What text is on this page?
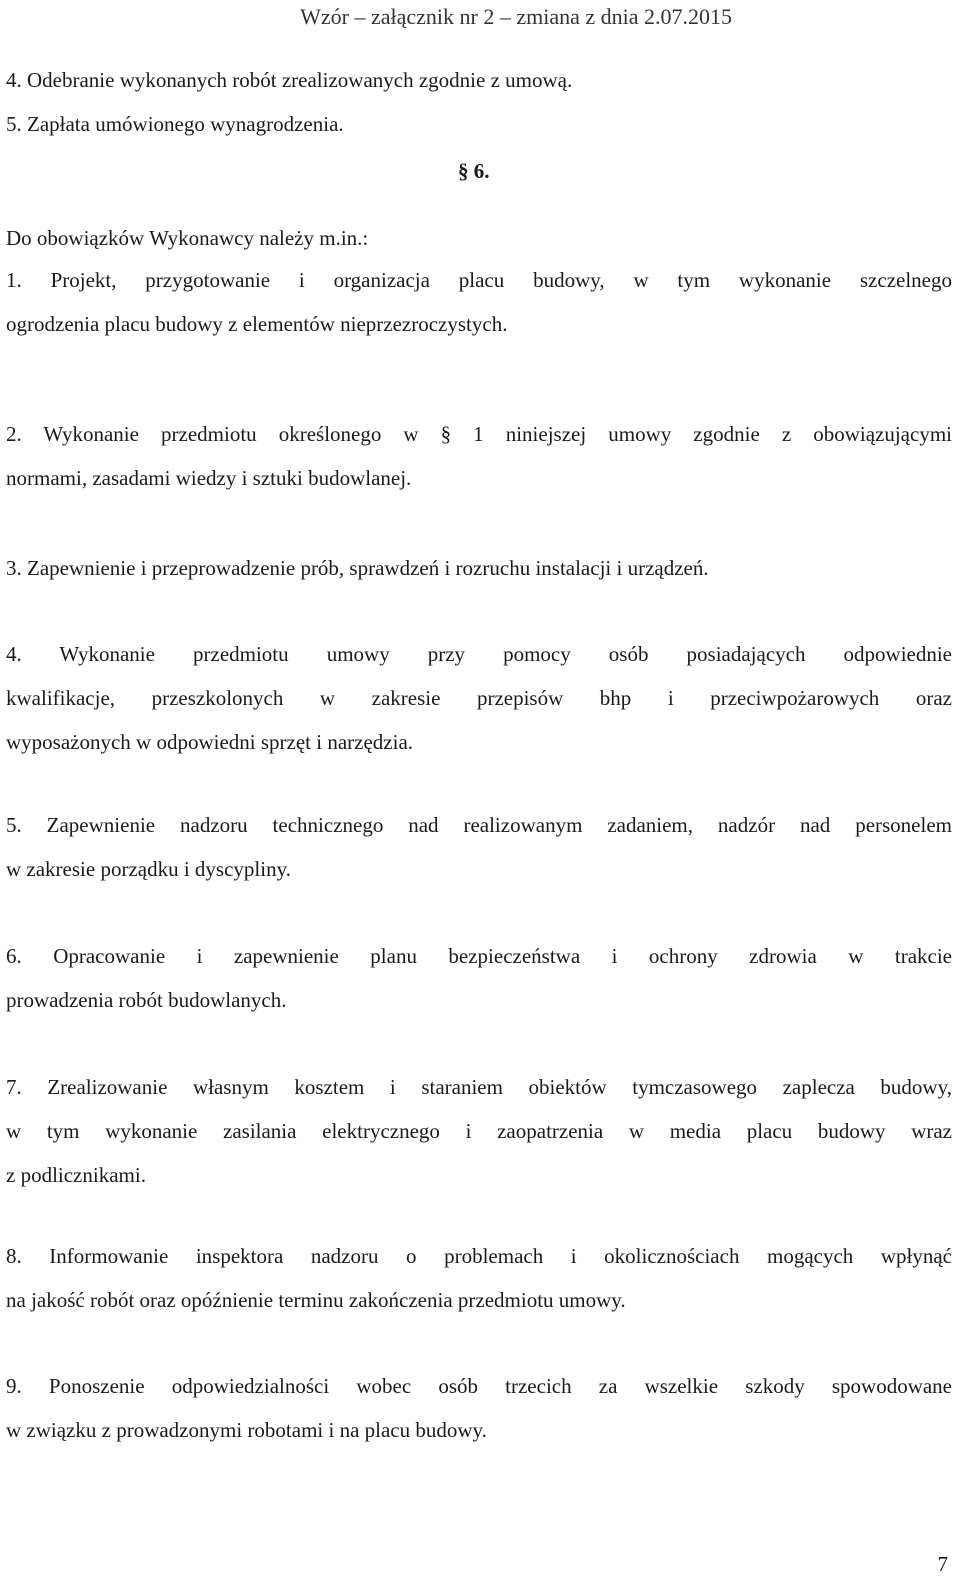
Wzór – załącznik nr 2 – zmiana z dnia 2.07.2015
4. Odebranie wykonanych robót zrealizowanych zgodnie z umową.
5. Zapłata umówionego wynagrodzenia.
§ 6.
Do obowiązków Wykonawcy należy m.in.:

1. Projekt, przygotowanie i organizacja placu budowy, w tym wykonanie szczelnego

ogrodzenia placu budowy z elementów nieprzezroczystych.

2. Wykonanie przedmiotu określonego w § 1 niniejszej umowy zgodnie z obowiązującymi

normami, zasadami wiedzy i sztuki budowlanej.

3. Zapewnienie i przeprowadzenie prób, sprawdzeń i rozruchu instalacji i urządzeń.

4. Wykonanie przedmiotu umowy przy pomocy osób posiadających odpowiednie

kwalifikacje, przeszkolonych w zakresie przepisów bhp i przeciwpożarowych oraz

wyposażonych w odpowiedni sprzęt i narzędzia.

5. Zapewnienie nadzoru technicznego nad realizowanym zadaniem, nadzór nad personelem

w zakresie porządku i dyscypliny.

6. Opracowanie i zapewnienie planu bezpieczeństwa i ochrony zdrowia w trakcie

prowadzenia robót budowlanych.

7. Zrealizowanie własnym kosztem i staraniem obiektów tymczasowego zaplecza budowy,

w tym wykonanie zasilania elektrycznego i zaopatrzenia w media placu budowy wraz

z podlicznikami.

8. Informowanie inspektora nadzoru o problemach i okolicznościach mogących wpłynąć

na jakość robót oraz opóźnienie terminu zakończenia przedmiotu umowy.

9. Ponoszenie odpowiedzialności wobec osób trzecich za wszelkie szkody spowodowane

w związku z prowadzonymi robotami i na placu budowy.

7
